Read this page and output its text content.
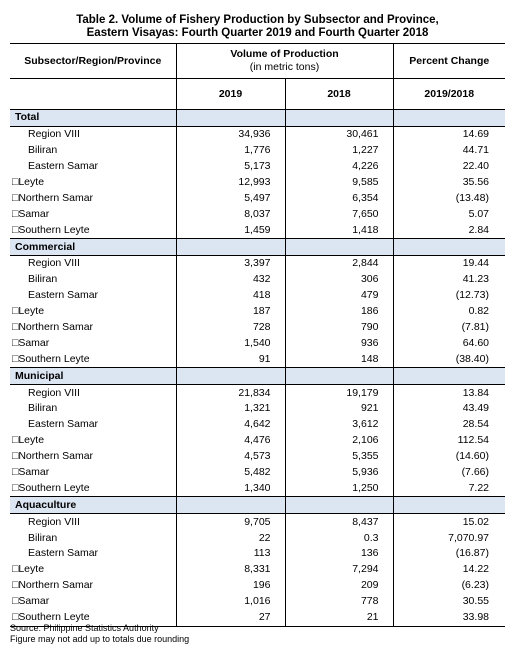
Table 2. Volume of Fishery Production by Subsector and Province,
Eastern Visayas: Fourth Quarter 2019 and Fourth Quarter 2018
Subsector/Region/Province	Volume of Production
(in metric tons)		Percent Change
	2019	2018	2019/2018
Total			
Region VIII	34,936	30,461	14.69
Biliran	1,776	1,227	44.71
Eastern Samar	5,173	4,226	22.40
□Leyte	12,993	9,585	35.56
□Northern Samar	5,497	6,354	(13.48)
□Samar	8,037	7,650	5.07
□Southern Leyte	1,459	1,418	2.84
Commercial			
Region VIII	3,397	2,844	19.44
Biliran	432	306	41.23
Eastern Samar	418	479	(12.73)
□Leyte	187	186	0.82
□Northern Samar	728	790	(7.81)
□Samar	1,540	936	64.60
□Southern Leyte	91	148	(38.40)
Municipal			
Region VIII	21,834	19,179	13.84
Biliran	1,321	921	43.49
Eastern Samar	4,642	3,612	28.54
□Leyte	4,476	2,106	112.54
□Northern Samar	4,573	5,355	(14.60)
□Samar	5,482	5,936	(7.66)
□Southern Leyte	1,340	1,250	7.22
Aquaculture			
Region VIII	9,705	8,437	15.02
Biliran	22	0.3	7,070.97
Eastern Samar	113	136	(16.87)
□Leyte	8,331	7,294	14.22
□Northern Samar	196	209	(6.23)
□Samar	1,016	778	30.55
□Southern Leyte	27	21	33.98
Source: Philippine Statistics Authority
Figure may not add up to totals due rounding
